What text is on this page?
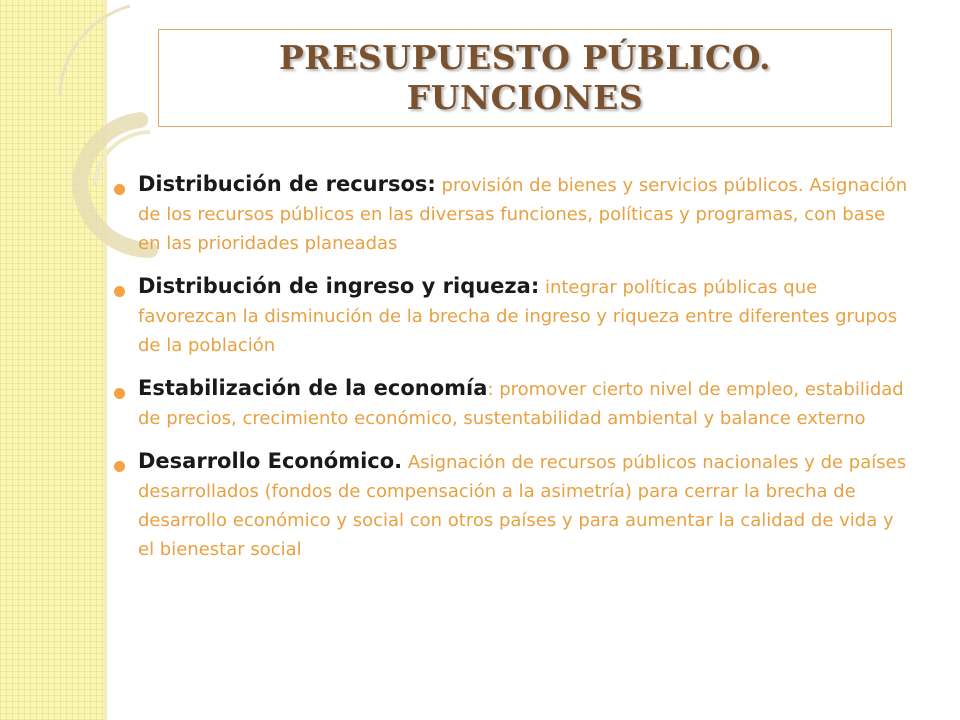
PRESUPUESTO PÚBLICO.
FUNCIONES
Distribución de recursos: provisión de bienes y servicios públicos. Asignación de los recursos públicos en las diversas funciones, políticas y programas, con base en las prioridades planeadas
Distribución de ingreso y riqueza: integrar políticas públicas que favorezcan la disminución de la brecha de ingreso y riqueza entre diferentes grupos de la población
Estabilización de la economía: promover cierto nivel de empleo, estabilidad de precios, crecimiento económico, sustentabilidad ambiental y balance externo
Desarrollo Económico. Asignación de recursos públicos nacionales y de países desarrollados (fondos de compensación a la asimetría) para cerrar la brecha de desarrollo económico y social con otros países y para aumentar la calidad de vida y el bienestar social
